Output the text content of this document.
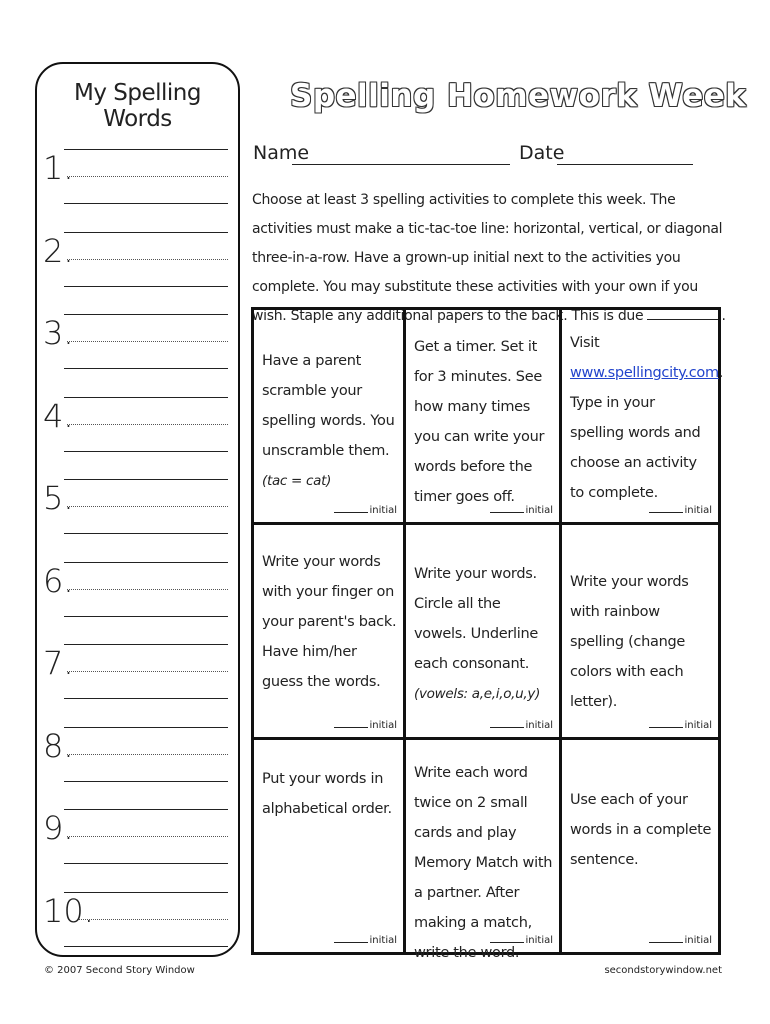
My Spelling Words
1.
2.
3.
4.
5.
6.
7.
8.
9.
10.
Spelling Homework Week
Name	Date
Choose at least 3 spelling activities to complete this week. The activities must make a tic-tac-toe line: horizontal, vertical, or diagonal three-in-a-row. Have a grown-up initial next to the activities you complete. You may substitute these activities with your own if you wish. Staple any additional papers to the back. This is due	.
Have a parent scramble your spelling words. You unscramble them.
(tac = cat)
initial
Get a timer. Set it for 3 minutes. See how many times you can write your words before the timer goes off.
initial
Visit www.spellingcity.com. Type in your spelling words and choose an activity to complete.
initial
Write your words with your finger on your parent's back. Have him/her guess the words.
initial
Write your words. Circle all the vowels. Underline each consonant.
(vowels: a,e,i,o,u,y)
initial
Write your words with rainbow spelling (change colors with each letter).
initial
Put your words in alphabetical order.
initial
Write each word twice on 2 small cards and play Memory Match with a partner. After making a match, write the word.
initial
Use each of your words in a complete sentence.
initial
© 2007 Second Story Window	secondstorywindow.net
